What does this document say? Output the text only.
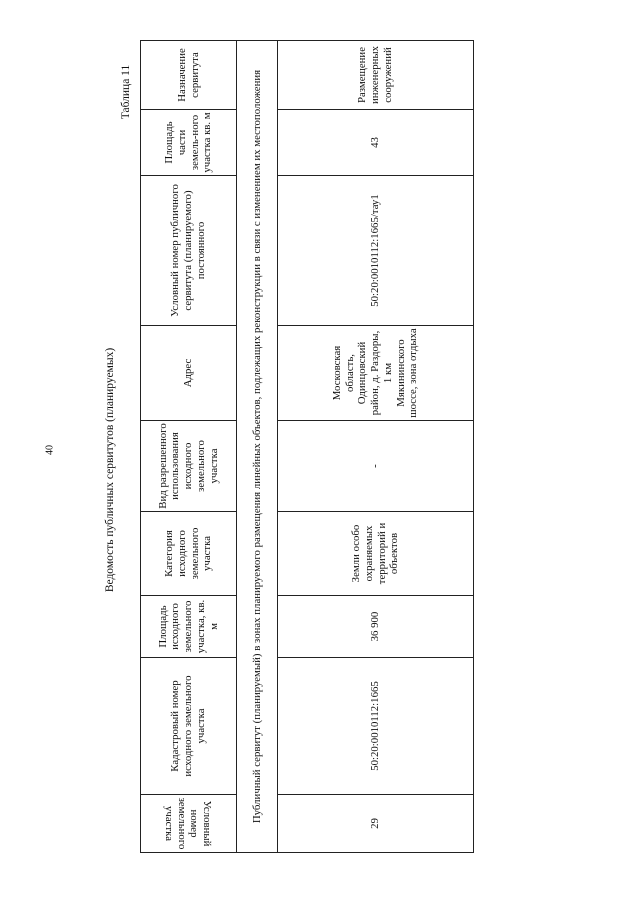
40	Ведомость публичных сервитутов (планируемых)
Таблица 11
Условный номер земельного участка	Кадастровый номер исходного земельного участка	Площадь исходного земельного участка, кв. м	Категория исходного земельного участка	Вид разрешенного использования исходного земельного участка	Адрес	Условный номер публичного сервитута (планируемого) постоянного	Площадь части земель-ного участка кв. м	Назначение сервитута

Публичный сервитут (планируемый) в зонах планируемого размещения линейных объектов, подлежащих реконструкции в связи с изменением их местоположения								

29	50:20:0010112:1665	36 900	Земли особо охраняемых территорий и объектов	-	Московская область, Одинцовский район, д. Раздоры, 1 км Мякининского шоссе, зона отдыха	50:20:0010112:1665/тау1	43	Размещение инженерных сооружений
